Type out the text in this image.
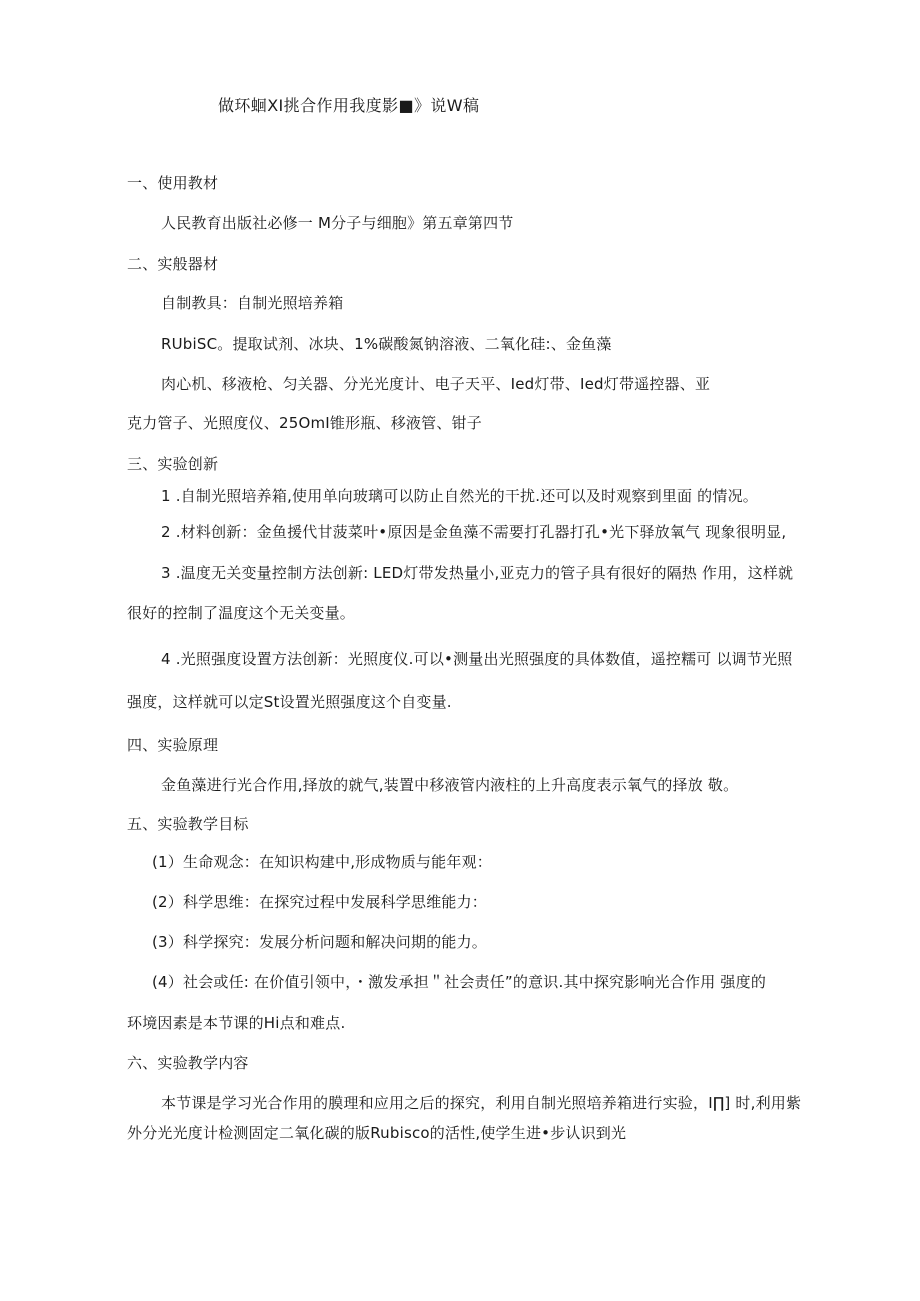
做环蛔XI挑合作用我度影■》说W稿
一、使用教材
人民教育出版社必修一 M分子与细胞》第五章第四节
二、实般器材
自制教具：自制光照培养箱
RUbiSC。提取试剂、冰块、1%碳酸氮钠溶液、二氧化硅:、金鱼藻
肉心机、移液枪、匀关器、分光光度计、电子天平、Ied灯带、Ied灯带遥控器、亚
克力管子、光照度仪、25OmI锥形瓶、移液管、钳子
三、实验创新
1 .自制光照培养箱,使用单向玻璃可以防止自然光的干扰.还可以及时观察到里面 的情况。
2 .材料创新：金鱼援代甘菠菜叶•原因是金鱼藻不需要打孔器打孔•光下驿放氧气 现象很明显,
3 .温度无关变量控制方法创新: LED灯带发热量小,亚克力的管子具有很好的隔热 作用，这样就
很好的控制了温度这个无关变量。
4 .光照强度设置方法创新：光照度仪.可以•测量出光照强度的具体数值，遥控糯可 以调节光照
强度，这样就可以定St设置光照强度这个自变量.
四、实验原理
金鱼藻进行光合作用,择放的就气,装置中移液管内液柱的上升高度表示氧气的择放 敬。
五、实验教学目标
(1）生命观念：在知识构建中,形成物质与能年观：
(2）科学思维：在探究过程中发展科学思维能力：
(3）科学探究：发展分析问题和解决问期的能力。
(4）社会或任: 在价值引领中，・激发承担＂社会责任”的意识.其中探究影响光合作用 强度的
环境因素是本节课的Hi点和难点.
六、实验教学内容
本节课是学习光合作用的膜理和应用之后的探究，利用自制光照培养箱进行实验，I∏] 时,利用紫
外分光光度计检测固定二氧化碳的版Rubisco的活性,使学生进•步认识到光
